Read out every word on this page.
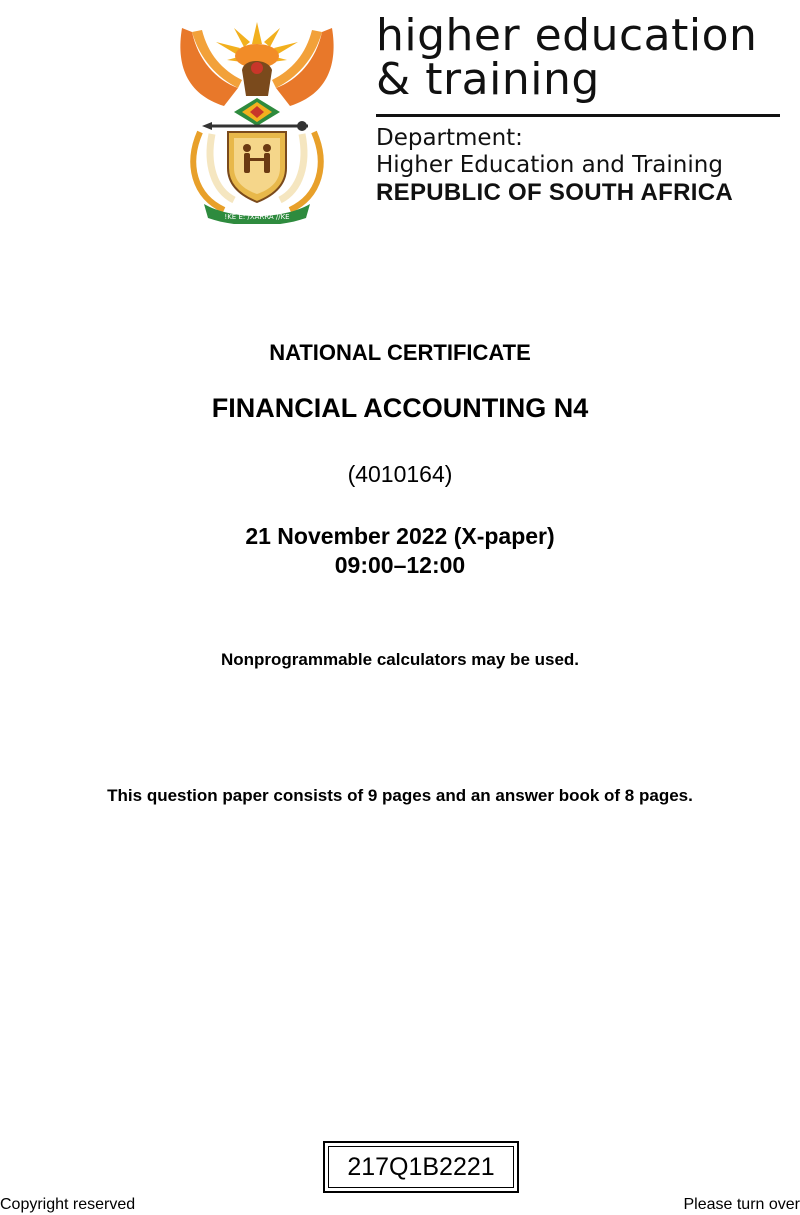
!KE E: /XARRA //KE
higher education
& training
Department:
Higher Education and Training
REPUBLIC OF SOUTH AFRICA
NATIONAL CERTIFICATE
FINANCIAL ACCOUNTING N4
(4010164)
21 November 2022 (X-paper)
09:00–12:00
Nonprogrammable calculators may be used.
This question paper consists of 9 pages and an answer book of 8 pages.
217Q1B2221
Copyright reserved	Please turn over
